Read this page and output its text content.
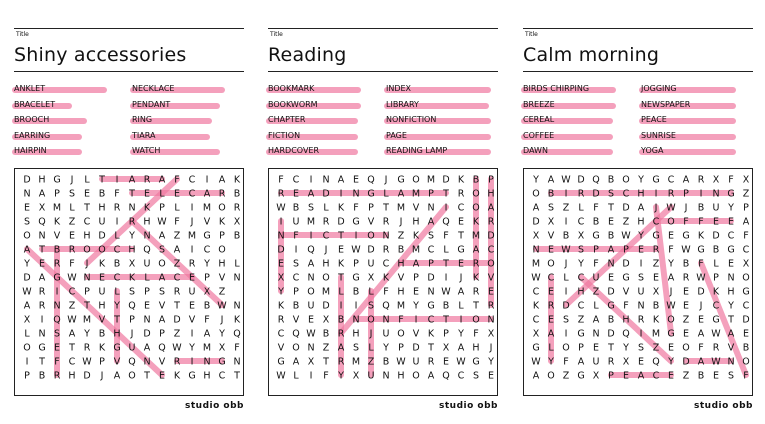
Title
Shiny accessories
ANKLET
BRACELET
BROOCH
EARRING
HAIRPIN
NECKLACE
PENDANT
RING
TIARA
WATCH
D H G J L T I A R A F C I A K
N A P S E B F T E L E C A R B
E X M L T H R N K P L I M O R
S Q K Z C U I R H W F J V K X
O N V E H D L Y N A Z M G P B
A T B R O O C H Q S A I C O
Y E R F J K B X U O Z R Y H L
D A G W N E C K L A C E P V N
W R I C P U L S P S R U X Z
A R N Z T H Y Q E V T E B W N
X I Q W M V T P N A D V F J K
L N S A Y B H J D P Z I A Y Q
O G E T R K G U A Q W Y M X F
I T F C W P V Q N V R I N G N
P B R H D J A O T E K G H C T
studio obb
Title
Reading
BOOKMARK
BOOKWORM
CHAPTER
FICTION
HARDCOVER
INDEX
LIBRARY
NONFICTION
PAGE
READING LAMP
F C I N A E Q J G O M D K B P
R E A D I N G L A M P T R O H
W B S L K F P T M V N I C O A
I U M R D G V R J H A Q E K R
N F I C T I O N Z K S F T M D
D I Q J E W D R B M C L G A C
E S A H K P U C H A P T E R O
X C N O T G X K V P D I J K V
Y P O M L B L F H E N W A R E
K B U D I I S Q M Y G B L T R
R V E X B N O N F I C T I O N
C Q W B R H J U O V K P Y F X
V O N Z A S L Y P D T X A H J
G A X T R M Z B W U R E W G Y
W L I F Y X U N H O A Q C S E
studio obb
Title
Calm morning
BIRDS CHIRPING
BREEZE
CEREAL
COFFEE
DAWN
JOGGING
NEWSPAPER
PEACE
SUNRISE
YOGA
Y A W D Q B O Y G C A R X F X
O B I R D S C H I R P I N G Z
A S Z L F T D A J W J B U Y P
D X I C B E Z H C O F F E E A
X V B X G B W Y G E G K D C F
N E W S P A P E R F W G B G C
M O J Y F N D I Z Y B F L E X
W C L C U E G S E A R W P N O
C E I H Z D V U X J E D K H G
K R D C L G F N B W E J C Y C
C E S Z A B H R K O Z E G T D
X A I G N D Q I M G E A W A E
G L O P E T Y S Z E O F R V B
W Y F A U R X E Q Y D A W N O
A O Z G X P E A C E Z B E S F
studio obb
